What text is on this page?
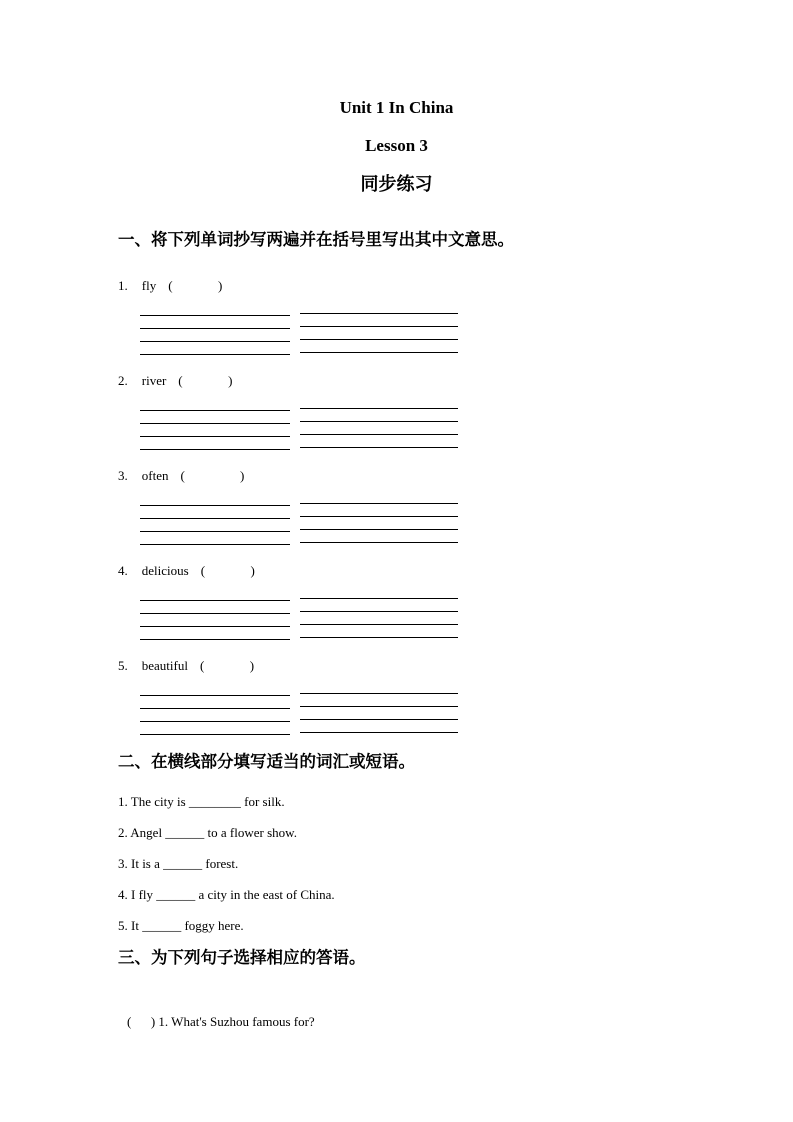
Unit 1 In China

Lesson 3

同步练习

一、将下列单词抄写两遍并在括号里写出其中文意思。
1. fly (              )
2. river (              )
3. often (                 )
4. delicious (              )
5. beautiful (              )
二、在横线部分填写适当的词汇或短语。

1. The city is ________ for silk.

2. Angel ______ to a flower show.

3. It is a ______ forest.

4. I fly ______ a city in the east of China.

5. It ______ foggy here.

三、为下列句子选择相应的答语。

(      ) 1. What's Suzhou famous for?
